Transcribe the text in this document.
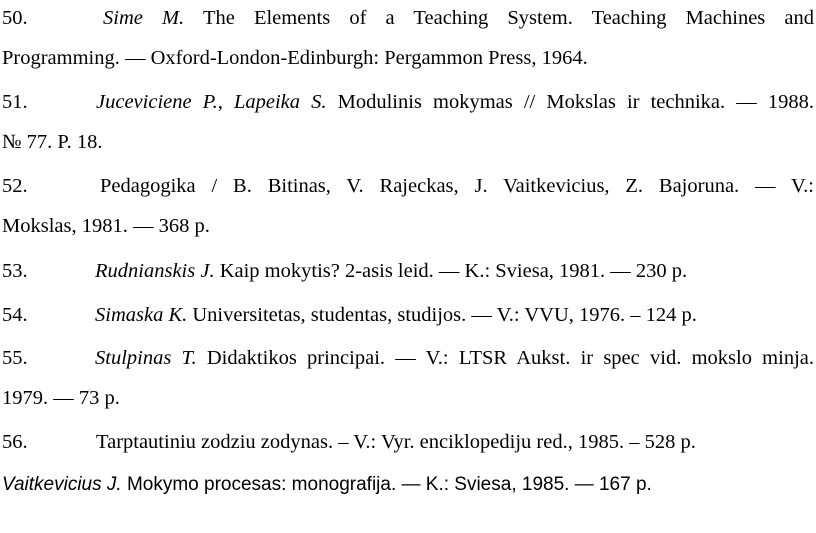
50.	Sime M. The Elements of a Teaching System. Teaching Machines and
Programming. — Oxford-London-Edinburgh: Pergammon Press, 1964.
51.	Juceviciene P., Lapeika S. Modulinis mokymas // Mokslas ir technika. — 1988.
№ 77. P. 18.
52.	Pedagogika / B. Bitinas, V. Rajeckas, J. Vaitkevicius, Z. Bajoruna. — V.:
Mokslas, 1981. — 368 p.
53.	Rudnianskis J. Kaip mokytis? 2-asis leid. — K.: Sviesa, 1981. — 230 p.
54.	Simaska K. Universitetas, studentas, studijos. — V.: VVU, 1976. – 124 p.
55.	Stulpinas T. Didaktikos principai. — V.: LTSR Aukst. ir spec vid. mokslo minja.
1979. — 73 p.
56.	Tarptautiniu zodziu zodynas. – V.: Vyr. enciklopediju red., 1985. – 528 p.
Vaitkevicius J. Mokymo procesas: monografija. — K.: Sviesa, 1985. — 167 p.
